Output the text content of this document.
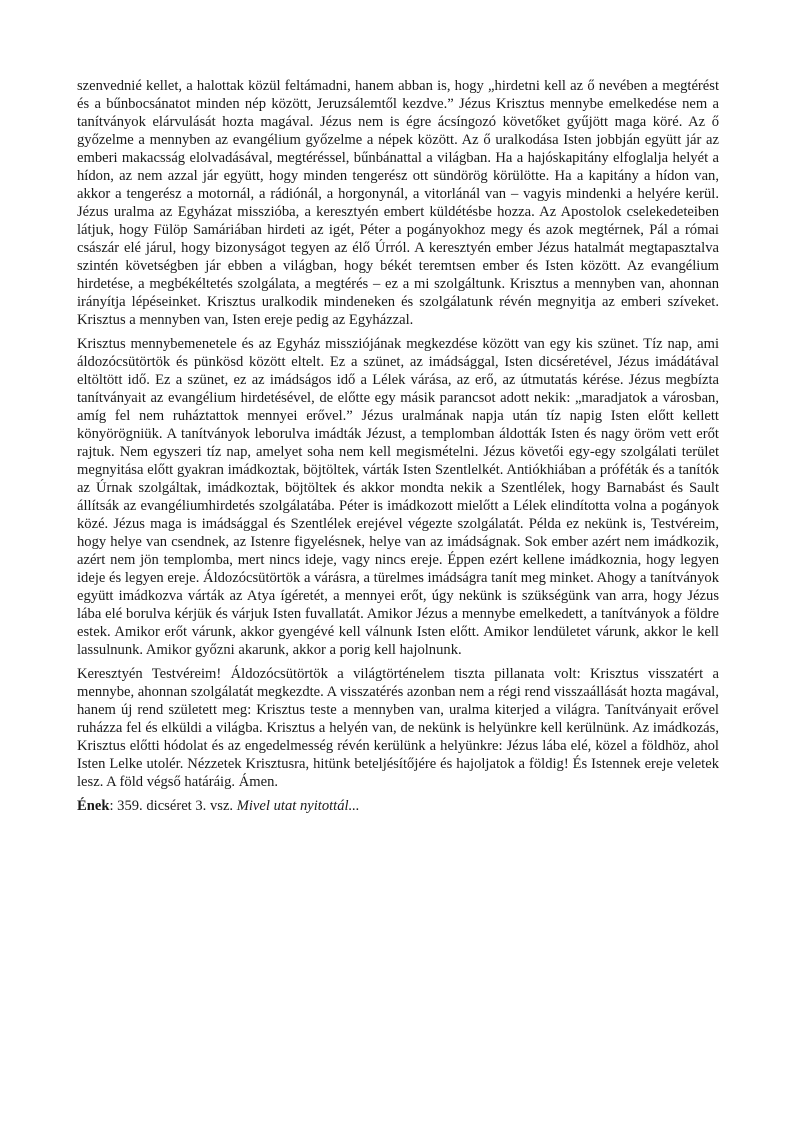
szenvednié kellet, a halottak közül feltámadni, hanem abban is, hogy „hirdetni kell az ő nevében a megtérést és a bűnbocsánatot minden nép között, Jeruzsálemtől kezdve.” Jézus Krisztus mennybe emelkedése nem a tanítványok elárvulását hozta magával. Jézus nem is égre ácsíngozó követőket gyűjött maga köré. Az ő győzelme a mennyben az evangélium győzelme a népek között. Az ő uralkodása Isten jobbján együtt jár az emberi makacsság elolvadásával, megtéréssel, bűnbánattal a világban. Ha a hajóskapitány elfoglalja helyét a hídon, az nem azzal jár együtt, hogy minden tengerész ott sündörög körülötte. Ha a kapitány a hídon van, akkor a tengerész a motornál, a rádiónál, a horgonynál, a vitorlánál van – vagyis mindenki a helyére kerül. Jézus uralma az Egyházat misszióba, a keresztyén embert küldétésbe hozza. Az Apostolok cselekedeteiben látjuk, hogy Fülöp Samáriában hirdeti az igét, Péter a pogányokhoz megy és azok megtérnek, Pál a római császár elé járul, hogy bizonyságot tegyen az élő Úrról. A keresztyén ember Jézus hatalmát megtapasztalva szintén követségben jár ebben a világban, hogy békét teremtsen ember és Isten között. Az evangélium hirdetése, a megbékéltetés szolgálata, a megtérés – ez a mi szolgáltunk. Krisztus a mennyben van, ahonnan irányítja lépéseinket. Krisztus uralkodik mindeneken és szolgálatunk révén megnyitja az emberi szíveket. Krisztus a mennyben van, Isten ereje pedig az Egyházzal.

Krisztus mennybemenetele és az Egyház missziójának megkezdése között van egy kis szünet. Tíz nap, ami áldozócsütörtök és pünkösd között eltelt. Ez a szünet, az imádsággal, Isten dicséretével, Jézus imádátával eltöltött idő. Ez a szünet, ez az imádságos idő a Lélek várása, az erő, az útmutatás kérése. Jézus megbízta tanítványait az evangélium hirdetésével, de előtte egy másik parancsot adott nekik: „maradjatok a városban, amíg fel nem ruháztattok mennyei erővel.” Jézus uralmának napja után tíz napig Isten előtt kellett könyörögniük. A tanítványok leborulva imádták Jézust, a templomban áldották Isten és nagy öröm vett erőt rajtuk. Nem egyszeri tíz nap, amelyet soha nem kell megismételni. Jézus követői egy-egy szolgálati terület megnyitása előtt gyakran imádkoztak, böjtöltek, várták Isten Szentlelkét. Antiókhiában a próféták és a tanítók az Úrnak szolgáltak, imádkoztak, böjtöltek és akkor mondta nekik a Szentlélek, hogy Barnabást és Sault állítsák az evangéliumhirdetés szolgálatába. Péter is imádkozott mielőtt a Lélek elindította volna a pogányok közé. Jézus maga is imádsággal és Szentlélek erejével végezte szolgálatát. Példa ez nekünk is, Testvéreim, hogy helye van csendnek, az Istenre figyelésnek, helye van az imádságnak. Sok ember azért nem imádkozik, azért nem jön templomba, mert nincs ideje, vagy nincs ereje. Éppen ezért kellene imádkoznia, hogy legyen ideje és legyen ereje. Áldozócsütörtök a várásra, a türelmes imádságra tanít meg minket. Ahogy a tanítványok együtt imádkozva várták az Atya ígéretét, a mennyei erőt, úgy nekünk is szükségünk van arra, hogy Jézus lába elé borulva kérjük és várjuk Isten fuvallatát. Amikor Jézus a mennybe emelkedett, a tanítványok a földre estek. Amikor erőt várunk, akkor gyengévé kell válnunk Isten előtt. Amikor lendületet várunk, akkor le kell lassulnunk. Amikor győzni akarunk, akkor a porig kell hajolnunk.

Keresztyén Testvéreim! Áldozócsütörtök a világtörténelem tiszta pillanata volt: Krisztus visszatért a mennybe, ahonnan szolgálatát megkezdte. A visszatérés azonban nem a régi rend visszaállását hozta magával, hanem új rend született meg: Krisztus teste a mennyben van, uralma kiterjed a világra. Tanítványait erővel ruházza fel és elküldi a világba. Krisztus a helyén van, de nekünk is helyünkre kell kerülnünk. Az imádkozás, Krisztus előtti hódolat és az engedelmesség révén kerülünk a helyünkre: Jézus lába elé, közel a földhöz, ahol Isten Lelke utolér. Nézzetek Krisztusra, hitünk beteljésítőjére és hajoljatok a földig! És Istennek ereje veletek lesz. A föld végső határáig. Ámen.

Ének: 359. dicséret 3. vsz. Mivel utat nyitottál...
